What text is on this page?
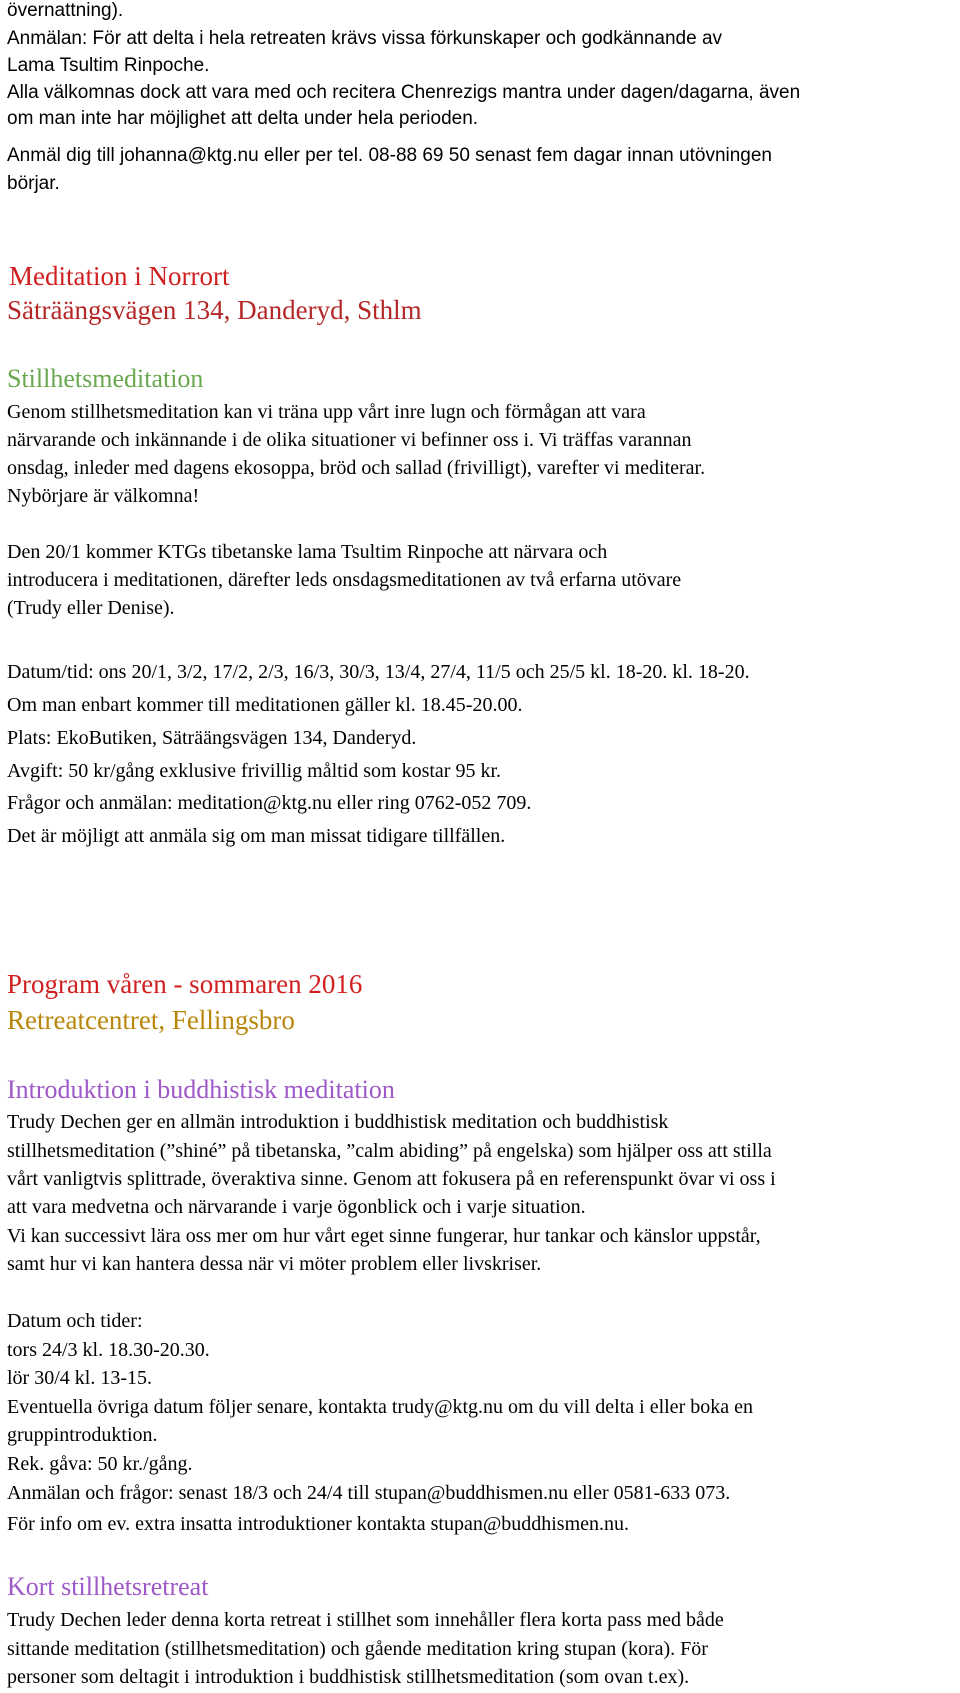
övernattning).
Anmälan: För att delta i hela retreaten krävs vissa förkunskaper och godkännande av
Lama Tsultim Rinpoche.
Alla välkomnas dock att vara med och recitera Chenrezigs mantra under dagen/dagarna, även
om man inte har möjlighet att delta under hela perioden.
Anmäl dig till johanna@ktg.nu eller per tel. 08-88 69 50 senast fem dagar innan utövningen
börjar.
Meditation i Norrort
Säträängsvägen 134, Danderyd, Sthlm
Stillhetsmeditation
Genom stillhetsmeditation kan vi träna upp vårt inre lugn och förmågan att vara
närvarande och inkännande i de olika situationer vi befinner oss i. Vi träffas varannan
onsdag, inleder med dagens ekosoppa, bröd och sallad (frivilligt), varefter vi mediterar.
Nybörjare är välkomna!
Den 20/1 kommer KTGs tibetanske lama Tsultim Rinpoche att närvara och
introducera i meditationen, därefter leds onsdagsmeditationen av två erfarna utövare
(Trudy eller Denise).
Datum/tid: ons 20/1, 3/2, 17/2, 2/3, 16/3, 30/3, 13/4, 27/4, 11/5 och 25/5 kl. 18-20. kl. 18-20.
Om man enbart kommer till meditationen gäller kl. 18.45-20.00.
Plats: EkoButiken, Säträängsvägen 134, Danderyd.
Avgift: 50 kr/gång exklusive frivillig måltid som kostar 95 kr.
Frågor och anmälan: meditation@ktg.nu eller ring 0762-052 709.
Det är möjligt att anmäla sig om man missat tidigare tillfällen.
Program våren - sommaren 2016
Retreatcentret, Fellingsbro
Introduktion i buddhistisk meditation
Trudy Dechen ger en allmän introduktion i buddhistisk meditation och buddhistisk
stillhetsmeditation (”shiné” på tibetanska, ”calm abiding” på engelska) som hjälper oss att stilla
vårt vanligtvis splittrade, överaktiva sinne. Genom att fokusera på en referenspunkt övar vi oss i
att vara medvetna och närvarande i varje ögonblick och i varje situation.
Vi kan successivt lära oss mer om hur vårt eget sinne fungerar, hur tankar och känslor uppstår,
samt hur vi kan hantera dessa när vi möter problem eller livskriser.
Datum och tider:
tors 24/3 kl. 18.30-20.30.
lör 30/4 kl. 13-15.
Eventuella övriga datum följer senare, kontakta trudy@ktg.nu om du vill delta i eller boka en
gruppintroduktion.
Rek. gåva: 50 kr./gång.
Anmälan och frågor: senast 18/3 och 24/4 till stupan@buddhismen.nu eller 0581-633 073.
För info om ev. extra insatta introduktioner kontakta stupan@buddhismen.nu.
Kort stillhetsretreat
Trudy Dechen leder denna korta retreat i stillhet som innehåller flera korta pass med både
sittande meditation (stillhetsmeditation) och gående meditation kring stupan (kora). För
personer som deltagit i introduktion i buddhistisk stillhetsmeditation (som ovan t.ex).
